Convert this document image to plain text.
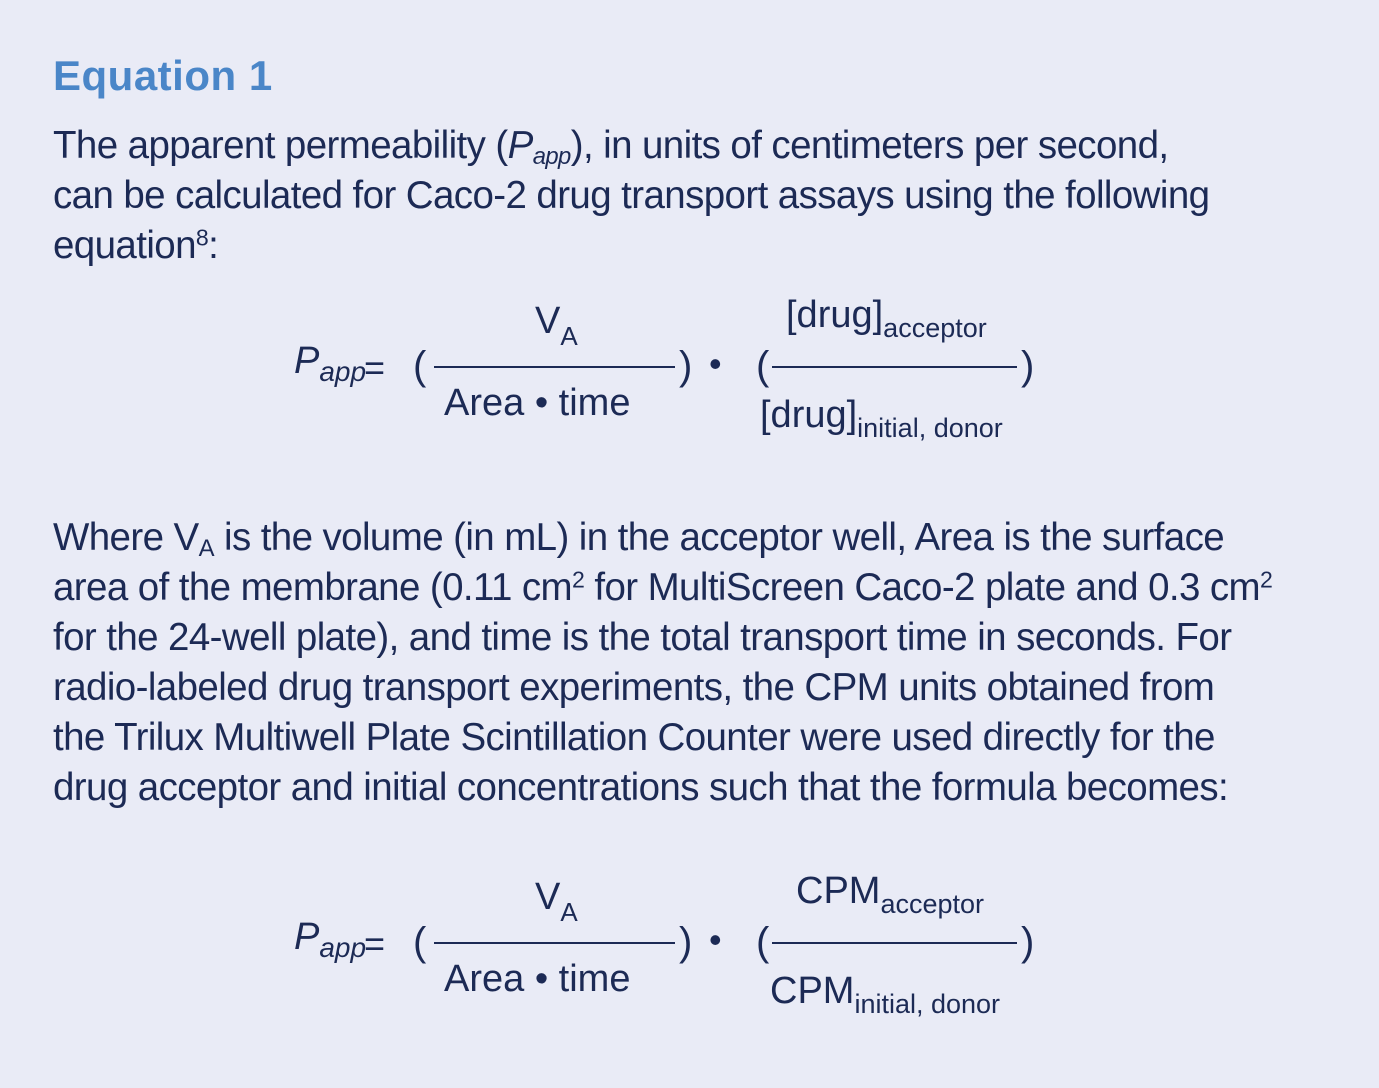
Equation 1
The apparent permeability $(P_{app})$, in units of centimeters per second,
can be calculated for Caco-2 drug transport assays using the following
equation$^8$:
$P_{app}$
= (
$V_A$
Area • time
) • (
$[drug]_{acceptor}$
$[drug]_{initial, donor}$
)
Where $V_A$ is the volume (in mL) in the acceptor well, Area is the surface
area of the membrane (0.11 $cm^2$ for MultiScreen Caco-2 plate and 0.3 $cm^2$
for the 24-well plate), and time is the total transport time in seconds. For
radio-labeled drug transport experiments, the CPM units obtained from
the Trilux Multiwell Plate Scintillation Counter were used directly for the
drug acceptor and initial concentrations such that the formula becomes:
$P_{app}$
= (
$V_A$
Area • time
) • (
$CPM_{acceptor}$
$CPM_{initial, donor}$
)
